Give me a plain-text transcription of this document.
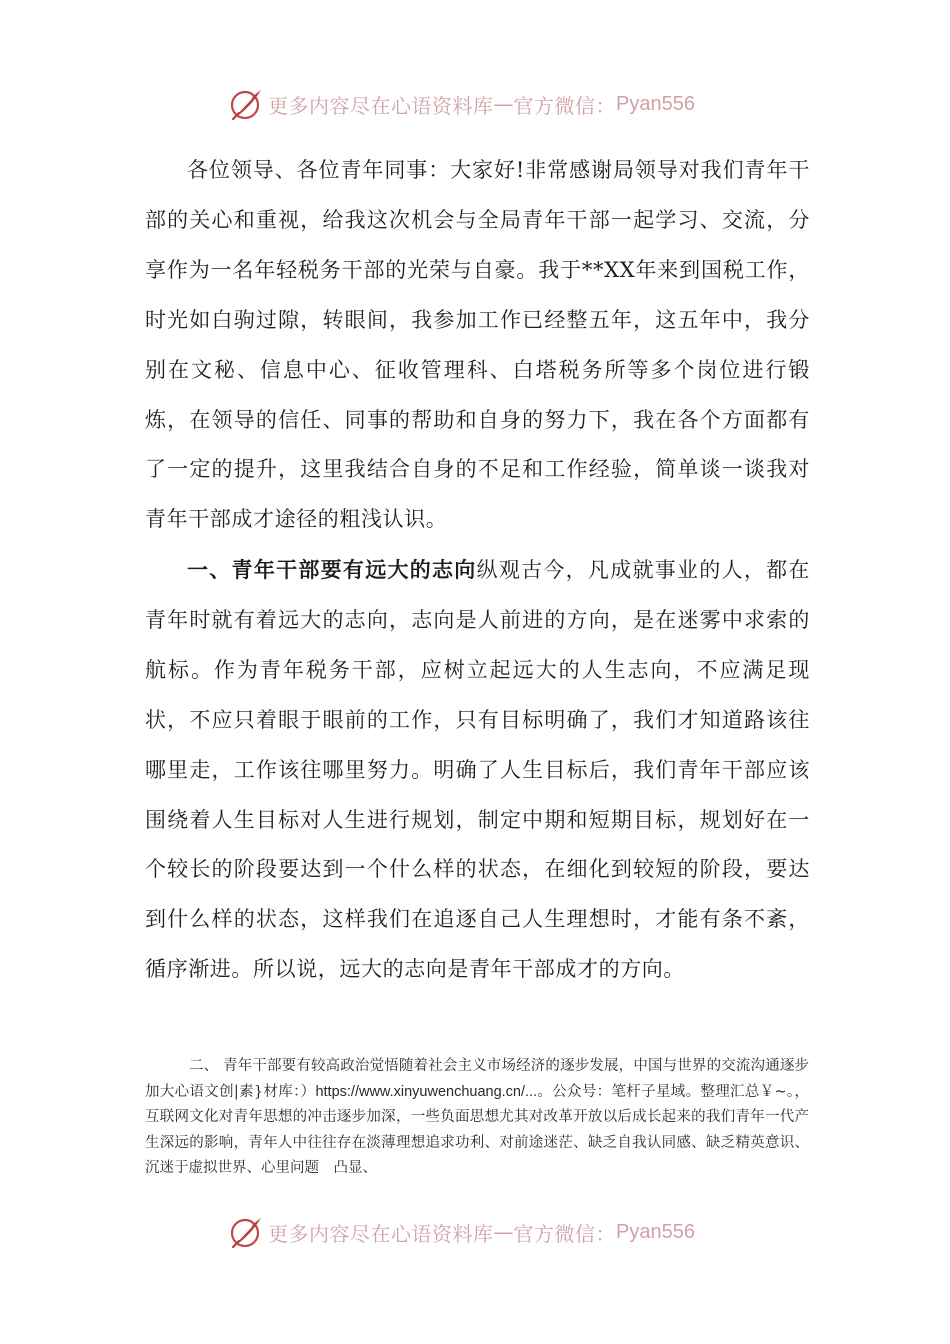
更多内容尽在心语资料库 — 官方微信： Pyan556

各位领导、各位青年同事：大家好!非常感谢局领导对我们青年干部的关心和重视，给我这次机会与全局青年干部一起学习、交流，分享作为一名年轻税务干部的光荣与自豪。我于**XX年来到国税工作，时光如白驹过隙，转眼间，我参加工作已经整五年，这五年中，我分别在文秘、信息中心、征收管理科、白塔税务所等多个岗位进行锻炼，在领导的信任、同事的帮助和自身的努力下，我在各个方面都有了一定的提升，这里我结合自身的不足和工作经验，简单谈一谈我对青年干部成才途径的粗浅认识。

一、青年干部要有远大的志向纵观古今，凡成就事业的人，都在青年时就有着远大的志向，志向是人前进的方向，是在迷雾中求索的航标。作为青年税务干部，应树立起远大的人生志向，不应满足现状，不应只着眼于眼前的工作，只有目标明确了，我们才知道路该往哪里走，工作该往哪里努力。明确了人生目标后，我们青年干部应该围绕着人生目标对人生进行规划，制定中期和短期目标，规划好在一个较长的阶段要达到一个什么样的状态，在细化到较短的阶段，要达到什么样的状态，这样我们在追逐自己人生理想时，才能有条不紊，循序渐进。所以说，远大的志向是青年干部成才的方向。

二、 青年干部要有较高政治觉悟随着社会主义市场经济的逐步发展，中国与世界的交流沟通逐步加大心语文创|素}材库：）https://www.xinyuwenchuang.cn/...。公众号：笔杆子星域。整理汇总￥~。，互联网文化对青年思想的冲击逐步加深，一些负面思想尤其对改革开放以后成长起来的我们青年一代产生深远的影响，青年人中往往存在淡薄理想追求功利、对前途迷茫、缺乏自我认同感、缺乏精英意识、沉迷于虚拟世界、心里问题　凸显、

更多内容尽在心语资料库 — 官方微信： Pyan556
